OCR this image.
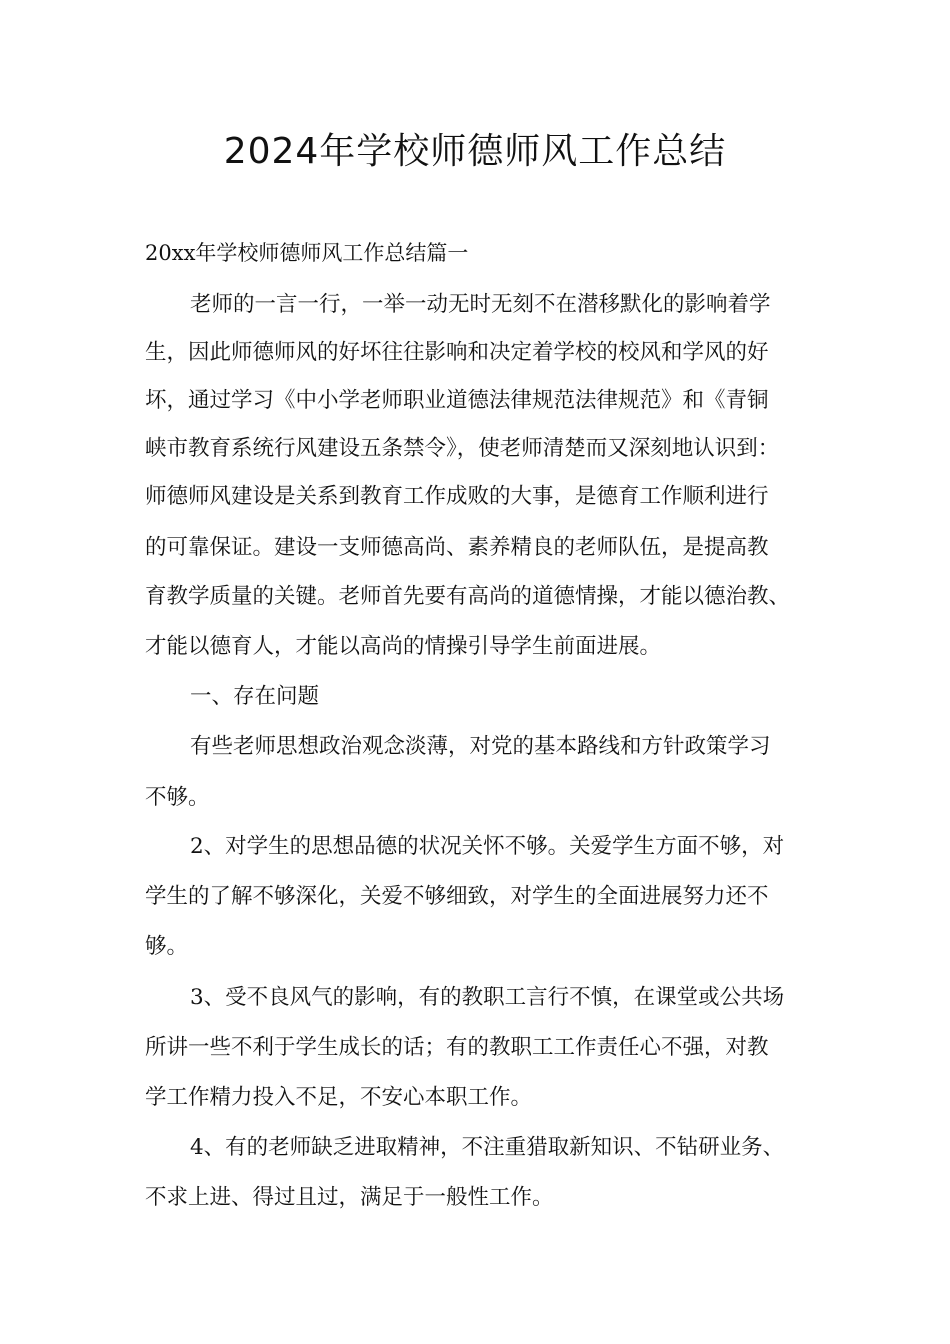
2024年学校师德师风工作总结

20xx年学校师德师风工作总结篇一

老师的一言一行，一举一动无时无刻不在潜移默化的影响着学

生，因此师德师风的好坏往往影响和决定着学校的校风和学风的好

坏，通过学习《中小学老师职业道德法律规范法律规范》和《青铜

峡市教育系统行风建设五条禁令》，使老师清楚而又深刻地认识到：

师德师风建设是关系到教育工作成败的大事，是德育工作顺利进行

的可靠保证。建设一支师德高尚、素养精良的老师队伍，是提高教

育教学质量的关键。老师首先要有高尚的道德情操，才能以德治教、

才能以德育人，才能以高尚的情操引导学生前面进展。

一、存在问题

有些老师思想政治观念淡薄，对党的基本路线和方针政策学习

不够。

2、对学生的思想品德的状况关怀不够。关爱学生方面不够，对

学生的了解不够深化，关爱不够细致，对学生的全面进展努力还不

够。

3、受不良风气的影响，有的教职工言行不慎，在课堂或公共场

所讲一些不利于学生成长的话；有的教职工工作责任心不强，对教

学工作精力投入不足，不安心本职工作。

4、有的老师缺乏进取精神，不注重猎取新知识、不钻研业务、

不求上进、得过且过，满足于一般性工作。
